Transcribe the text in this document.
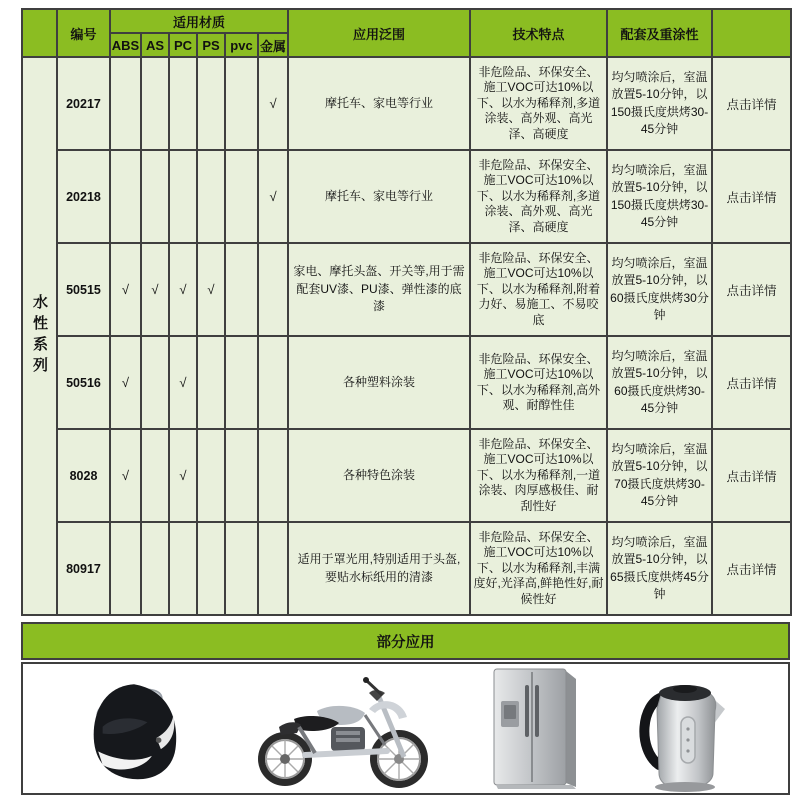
	编号	适用材质						应用泛围	技术特点	配套及重涂性	
		ABS	AS	PC	PS	pvc	金属				
水性系列	20217						√	摩托车、家电等行业	非危险品、环保安全、施工VOC可达10%以下、以水为稀释剂,多道涂装、高外观、高光泽、高硬度	均匀喷涂后，室温放置5-10分钟，以150摄氏度烘烤30-45分钟	点击详情
	20218						√	摩托车、家电等行业	非危险品、环保安全、施工VOC可达10%以下、以水为稀释剂,多道涂装、高外观、高光泽、高硬度	均匀喷涂后，室温放置5-10分钟，以150摄氏度烘烤30-45分钟	点击详情
	50515	√	√	√	√			家电、摩托头盔、开关等,用于需配套UV漆、PU漆、弹性漆的底漆	非危险品、环保安全、施工VOC可达10%以下、以水为稀释剂,附着力好、易施工、不易咬底	均匀喷涂后，室温放置5-10分钟，以60摄氏度烘烤30分钟	点击详情
	50516	√		√				各种塑料涂装	非危险品、环保安全、施工VOC可达10%以下、以水为稀释剂,高外观、耐醇性佳	均匀喷涂后，室温放置5-10分钟，以60摄氏度烘烤30-45分钟	点击详情
	8028	√		√				各种特色涂装	非危险品、环保安全、施工VOC可达10%以下、以水为稀释剂,一道涂装、肉厚感极佳、耐刮性好	均匀喷涂后，室温放置5-10分钟，以70摄氏度烘烤30-45分钟	点击详情
	80917							适用于罩光用,特别适用于头盔,要贴水标纸用的清漆	非危险品、环保安全、施工VOC可达10%以下、以水为稀释剂,丰满度好,光泽高,鲜艳性好,耐候性好	均匀喷涂后，室温放置5-10分钟，以65摄氏度烘烤45分钟	点击详情
部分应用
